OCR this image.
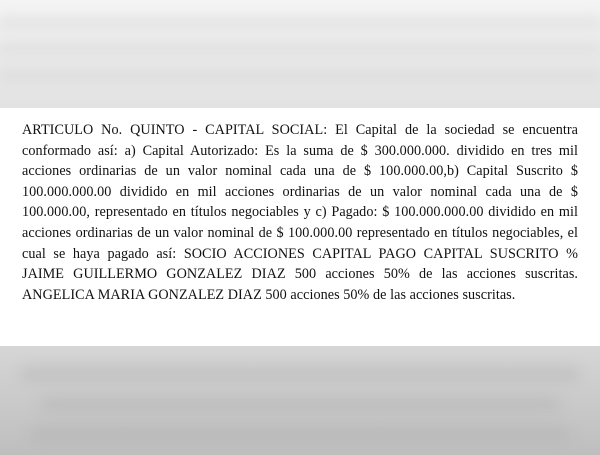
ARTICULO No. QUINTO - CAPITAL SOCIAL: El Capital de la sociedad se encuentra conformado así: a) Capital Autorizado: Es la suma de $ 300.000.000. dividido en tres mil acciones ordinarias de un valor nominal cada una de $ 100.000.00,b) Capital Suscrito $ 100.000.000.00 dividido en mil acciones ordinarias de un valor nominal cada una de $ 100.000.00, representado en títulos negociables y c) Pagado: $ 100.000.000.00 dividido en mil acciones ordinarias de un valor nominal de $ 100.000.00 representado en títulos negociables, el cual se haya pagado así: SOCIO ACCIONES CAPITAL PAGO CAPITAL SUSCRITO % JAIME GUILLERMO GONZALEZ DIAZ 500 acciones 50% de las acciones suscritas. ANGELICA MARIA GONZALEZ DIAZ 500 acciones 50% de las acciones suscritas.
